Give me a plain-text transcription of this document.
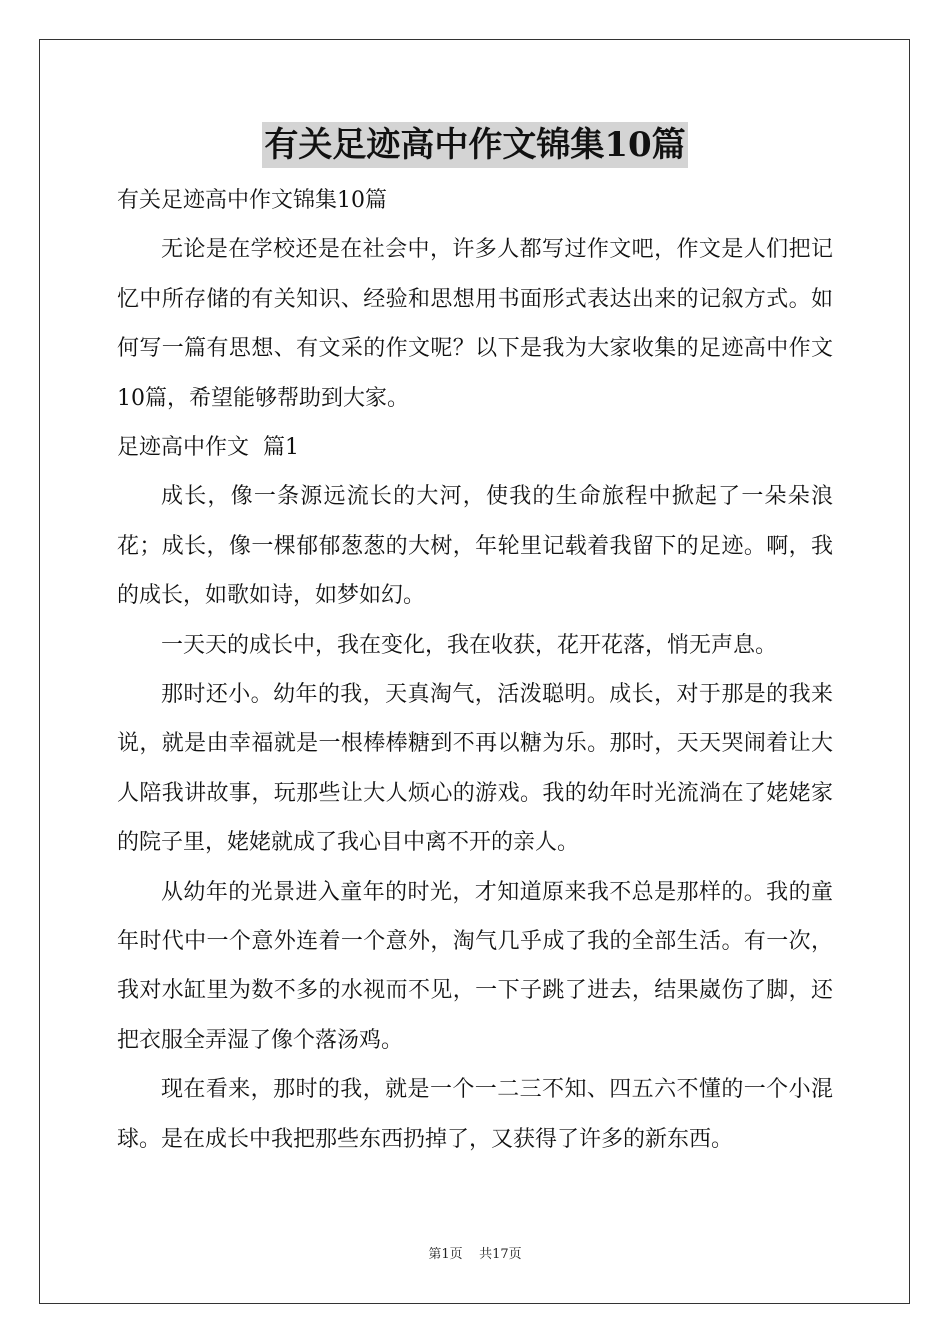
有关足迹高中作文锦集10篇
有关足迹高中作文锦集10篇

无论是在学校还是在社会中，许多人都写过作文吧，作文是人们把记忆中所存储的有关知识、经验和思想用书面形式表达出来的记叙方式。如何写一篇有思想、有文采的作文呢？以下是我为大家收集的足迹高中作文10篇，希望能够帮助到大家。

足迹高中作文  篇1

成长，像一条源远流长的大河，使我的生命旅程中掀起了一朵朵浪花；成长，像一棵郁郁葱葱的大树，年轮里记载着我留下的足迹。啊，我的成长，如歌如诗，如梦如幻。

一天天的成长中，我在变化，我在收获，花开花落，悄无声息。

那时还小。幼年的我，天真淘气，活泼聪明。成长，对于那是的我来说，就是由幸福就是一根棒棒糖到不再以糖为乐。那时，天天哭闹着让大人陪我讲故事，玩那些让大人烦心的游戏。我的幼年时光流淌在了姥姥家的院子里，姥姥就成了我心目中离不开的亲人。

从幼年的光景进入童年的时光，才知道原来我不总是那样的。我的童年时代中一个意外连着一个意外，淘气几乎成了我的全部生活。有一次，我对水缸里为数不多的水视而不见，一下子跳了进去，结果崴伤了脚，还把衣服全弄湿了像个落汤鸡。

现在看来，那时的我，就是一个一二三不知、四五六不懂的一个小混球。是在成长中我把那些东西扔掉了，又获得了许多的新东西。

第1页 共17页
